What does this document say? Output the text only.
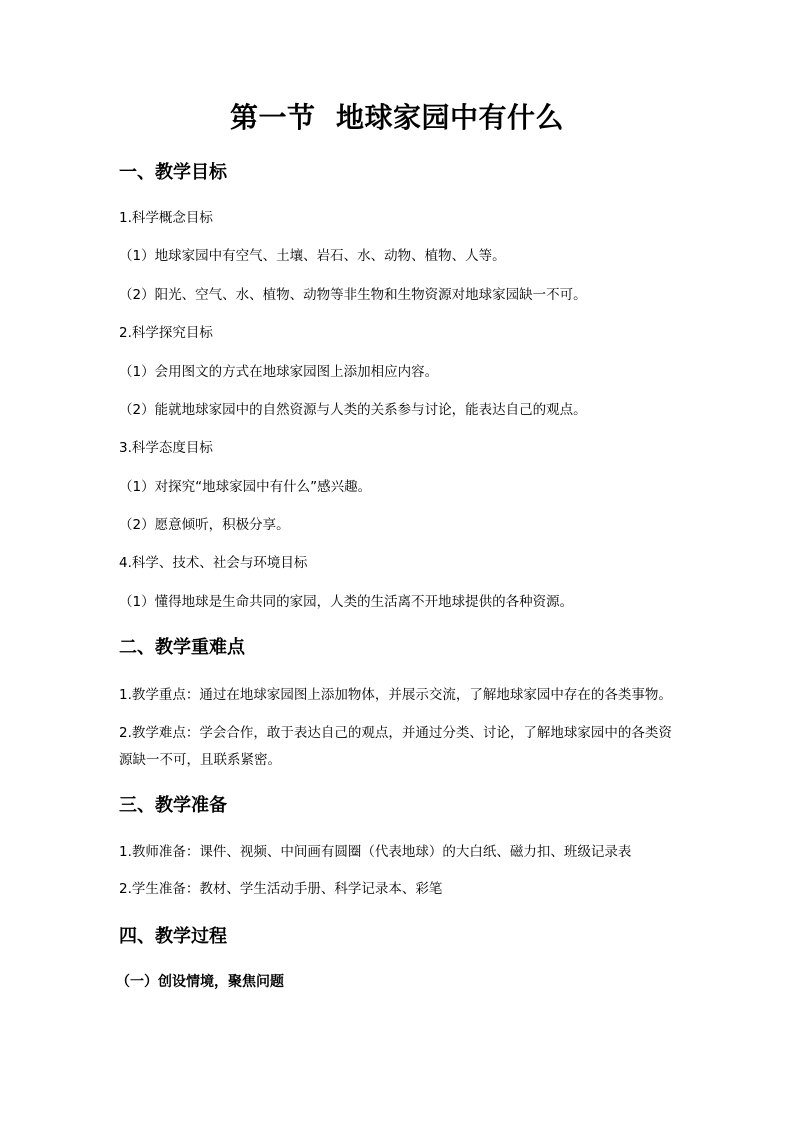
第一节  地球家园中有什么
一、教学目标
1.科学概念目标
（1）地球家园中有空气、土壤、岩石、水、动物、植物、人等。
（2）阳光、空气、水、植物、动物等非生物和生物资源对地球家园缺一不可。
2.科学探究目标
（1）会用图文的方式在地球家园图上添加相应内容。
（2）能就地球家园中的自然资源与人类的关系参与讨论，能表达自己的观点。
3.科学态度目标
（1）对探究“地球家园中有什么”感兴趣。
（2）愿意倾听，积极分享。
4.科学、技术、社会与环境目标
（1）懂得地球是生命共同的家园，人类的生活离不开地球提供的各种资源。
二、教学重难点
1.教学重点：通过在地球家园图上添加物体，并展示交流，了解地球家园中存在的各类事物。
2.教学难点：学会合作，敢于表达自己的观点，并通过分类、讨论，了解地球家园中的各类资源缺一不可，且联系紧密。
三、教学准备
1.教师准备：课件、视频、中间画有圆圈（代表地球）的大白纸、磁力扣、班级记录表
2.学生准备：教材、学生活动手册、科学记录本、彩笔
四、教学过程
（一）创设情境，聚焦问题
